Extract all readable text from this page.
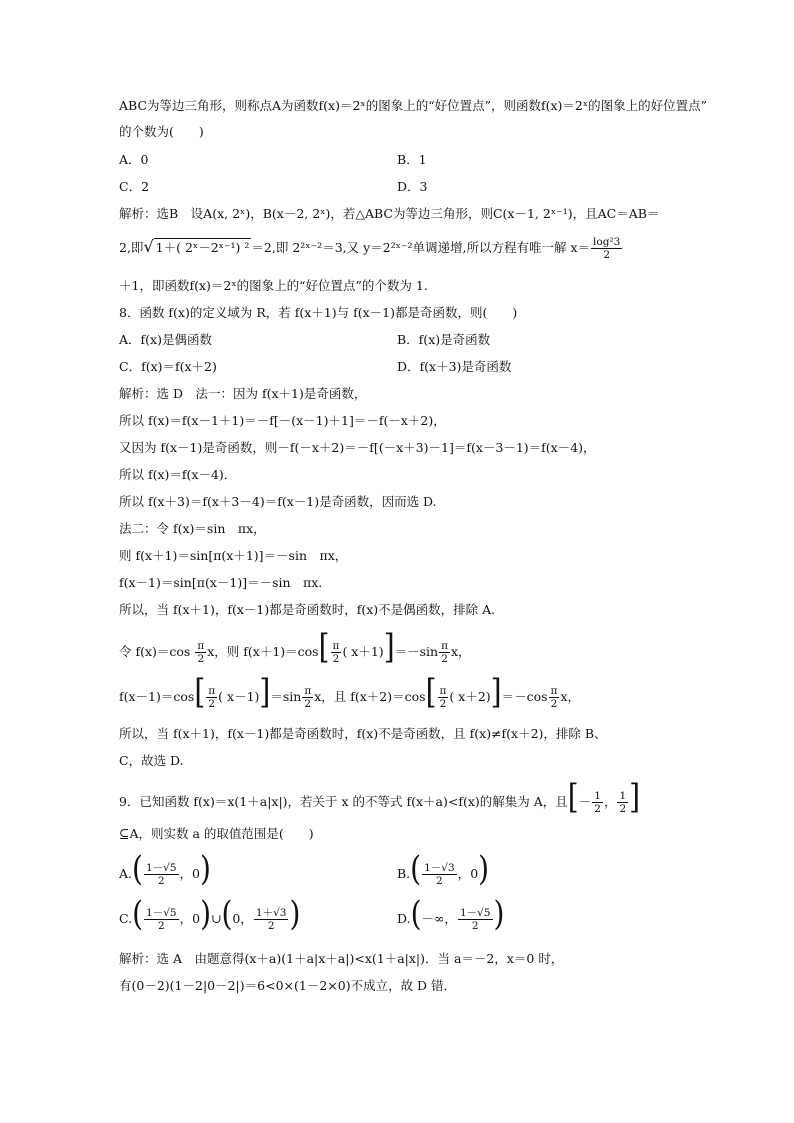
ABC为等边三角形，则称点A为函数f(x)＝2ˣ的图象上的“好位置点”，则函数f(x)＝2ˣ的图象上的好位置点”
的个数为(　　)
A．0	B．1
C．2	D．3
解析：选B　设A(x, 2ˣ)，B(x－2, 2ˣ)，若△ABC为等边三角形，则C(x－1, 2ˣ⁻¹)，且AC＝AB＝
2,即 √ 1＋( 2ˣ－2ˣ⁻¹) ² ＝2,即 2²ˣ⁻²＝3,又 y＝2²ˣ⁻²单调递增,所以方程有唯一解 $x= \frac{\text{log²3}}{2}$
＋1，即函数f(x)＝2ˣ的图象上的“好位置点”的个数为 1.
8．函数 f(x)的定义域为 R，若 f(x＋1)与 f(x－1)都是奇函数，则(　　)
A．f(x)是偶函数	B．f(x)是奇函数
C．f(x)＝f(x＋2)	D．f(x＋3)是奇函数
解析：选 D　法一：因为 f(x＋1)是奇函数，
所以 f(x)＝f(x－1＋1)＝－f[－(x－1)＋1]＝－f(－x＋2)，
又因为 f(x－1)是奇函数，则－f(－x＋2)＝－f[(－x＋3)－1]＝f(x－3－1)＝f(x－4)，
所以 f(x)＝f(x－4)．
所以 f(x＋3)＝f(x＋3－4)＝f(x－1)是奇函数，因而选 D.
法二：令 f(x)＝sin　πx，
则 f(x＋1)＝sin[π(x＋1)]＝－sin　πx，
f(x－1)＝sin[π(x－1)]＝－sin　πx.
所以，当 f(x＋1)，f(x－1)都是奇函数时，f(x)不是偶函数，排除 A.
令 $f(x)=\cos \frac{\pi}{2}$ x，则 $f(x+1)=\cos[ \frac{\pi}{2}$ ( $x+1)]=-\sin \frac{\pi}{2}$ x，
$f(x-1)=\cos[ \frac{\pi}{2}$ ( $x-1)]=\sin \frac{\pi}{2}$ x，且 $f(x+2)=\cos[ \frac{\pi}{2}$ ( $x+2)]=-\cos \frac{\pi}{2}$ x，
所以，当 f(x＋1)，f(x－1)都是奇函数时，f(x)不是奇函数，且 f(x)≠f(x＋2)，排除 B、
C，故选 D.
9．已知函数 f(x)＝x(1＋a|x|)，若关于 x 的不等式 f(x＋a)<f(x)的解集为 A，且[－ $\frac{1}{2}$ ， $\frac{1}{2}$ ]
⊆A，则实数 a 的取值范围是(　　)
$A.( \frac{1-√5}{2}$ ，0)	$B.( \frac{1-√3}{2}$ ，0)
$C.( \frac{1-√5}{2}$ ，0)∪(0， $\frac{1+√3}{2}$ )	D.(－∞， $\frac{1-√5}{2}$ )
解析：选 A　由题意得(x＋a)(1＋a|x＋a|)<x(1＋a|x|)．当 a＝－2，x＝0 时，
有(0－2)(1－2|0－2|)＝6<0×(1－2×0)不成立，故 D 错．
